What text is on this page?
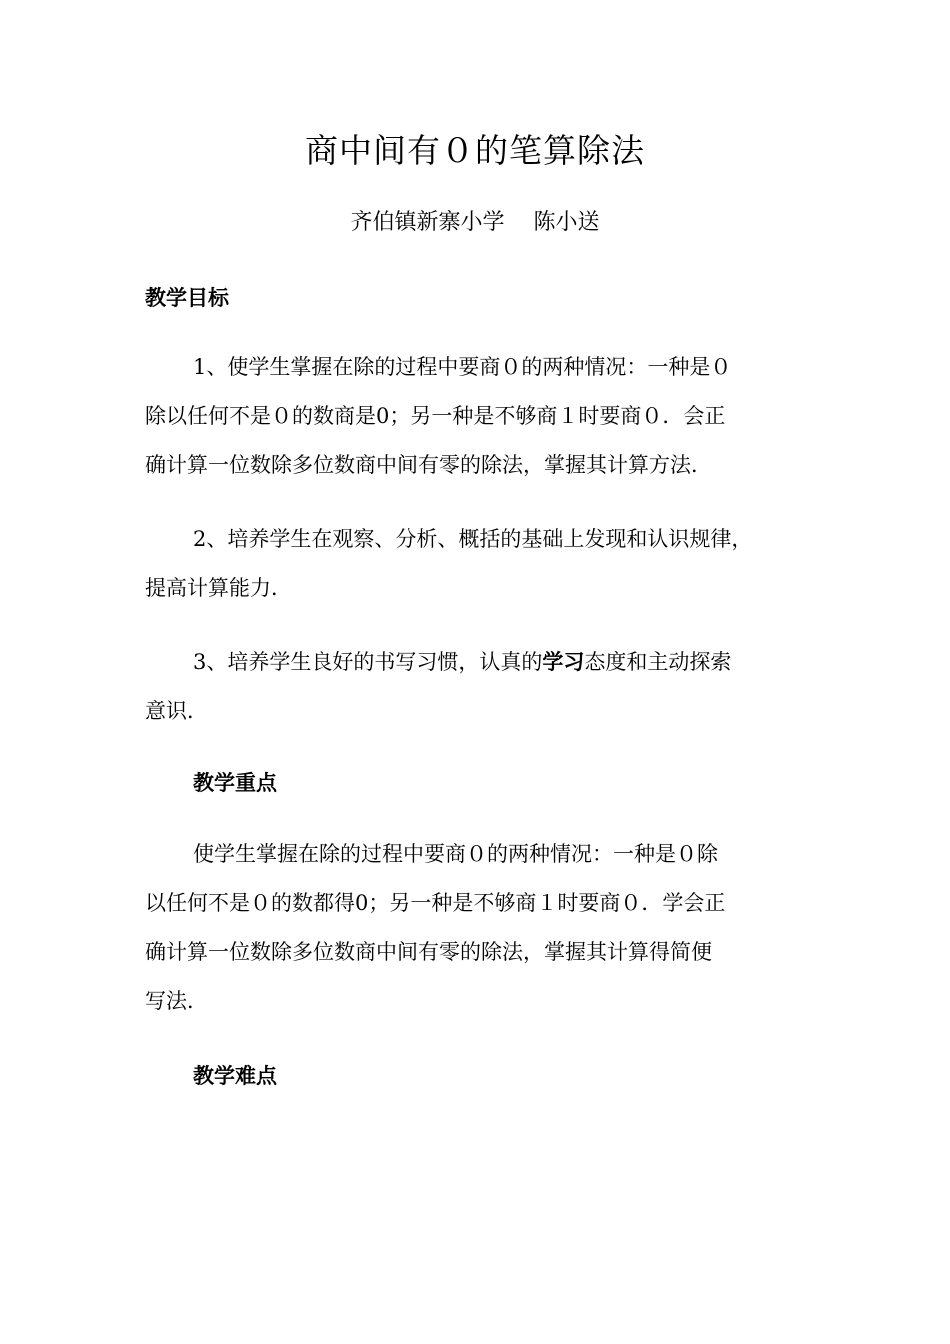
商中间有０的笔算除法
齐伯镇新寨小学　 陈小送
教学目标
1、使学生掌握在除的过程中要商０的两种情况：一种是０
除以任何不是０的数商是0；另一种是不够商１时要商０．会正
确计算一位数除多位数商中间有零的除法，掌握其计算方法．
2、培养学生在观察、分析、概括的基础上发现和认识规律，
提高计算能力．
3、培养学生良好的书写习惯，认真的学习态度和主动探索
意识．
教学重点
使学生掌握在除的过程中要商０的两种情况：一种是０除
以任何不是０的数都得0；另一种是不够商１时要商０．学会正
确计算一位数除多位数商中间有零的除法，掌握其计算得简便
写法．
教学难点
